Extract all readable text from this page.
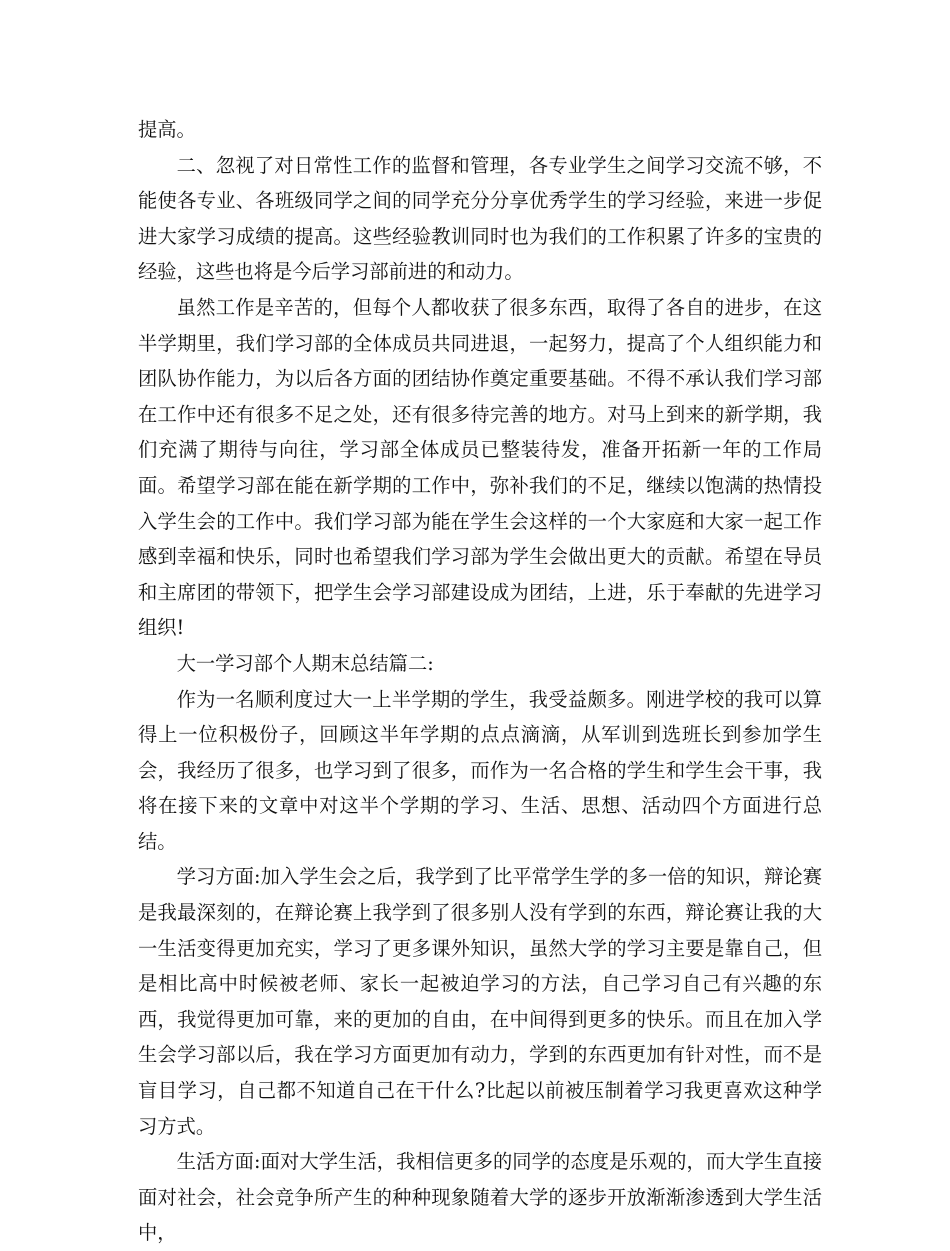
提高。

二、忽视了对日常性工作的监督和管理，各专业学生之间学习交流不够，不能使各专业、各班级同学之间的同学充分分享优秀学生的学习经验，来进一步促进大家学习成绩的提高。这些经验教训同时也为我们的工作积累了许多的宝贵的经验，这些也将是今后学习部前进的和动力。

虽然工作是辛苦的，但每个人都收获了很多东西，取得了各自的进步，在这半学期里，我们学习部的全体成员共同进退，一起努力，提高了个人组织能力和团队协作能力，为以后各方面的团结协作奠定重要基础。不得不承认我们学习部在工作中还有很多不足之处，还有很多待完善的地方。对马上到来的新学期，我们充满了期待与向往，学习部全体成员已整装待发，准备开拓新一年的工作局面。希望学习部在能在新学期的工作中，弥补我们的不足，继续以饱满的热情投入学生会的工作中。我们学习部为能在学生会这样的一个大家庭和大家一起工作感到幸福和快乐，同时也希望我们学习部为学生会做出更大的贡献。希望在导员和主席团的带领下，把学生会学习部建设成为团结，上进，乐于奉献的先进学习组织!

大一学习部个人期末总结篇二:

作为一名顺利度过大一上半学期的学生，我受益颇多。刚进学校的我可以算得上一位积极份子，回顾这半年学期的点点滴滴，从军训到选班长到参加学生会，我经历了很多，也学习到了很多，而作为一名合格的学生和学生会干事，我将在接下来的文章中对这半个学期的学习、生活、思想、活动四个方面进行总结。

学习方面:加入学生会之后，我学到了比平常学生学的多一倍的知识，辩论赛是我最深刻的，在辩论赛上我学到了很多别人没有学到的东西，辩论赛让我的大一生活变得更加充实，学习了更多课外知识，虽然大学的学习主要是靠自己，但是相比高中时候被老师、家长一起被迫学习的方法，自己学习自己有兴趣的东西，我觉得更加可靠，来的更加的自由，在中间得到更多的快乐。而且在加入学生会学习部以后，我在学习方面更加有动力，学到的东西更加有针对性，而不是盲目学习，自己都不知道自己在干什么?比起以前被压制着学习我更喜欢这种学习方式。

生活方面:面对大学生活，我相信更多的同学的态度是乐观的，而大学生直接面对社会，社会竞争所产生的种种现象随着大学的逐步开放渐渐渗透到大学生活中，
